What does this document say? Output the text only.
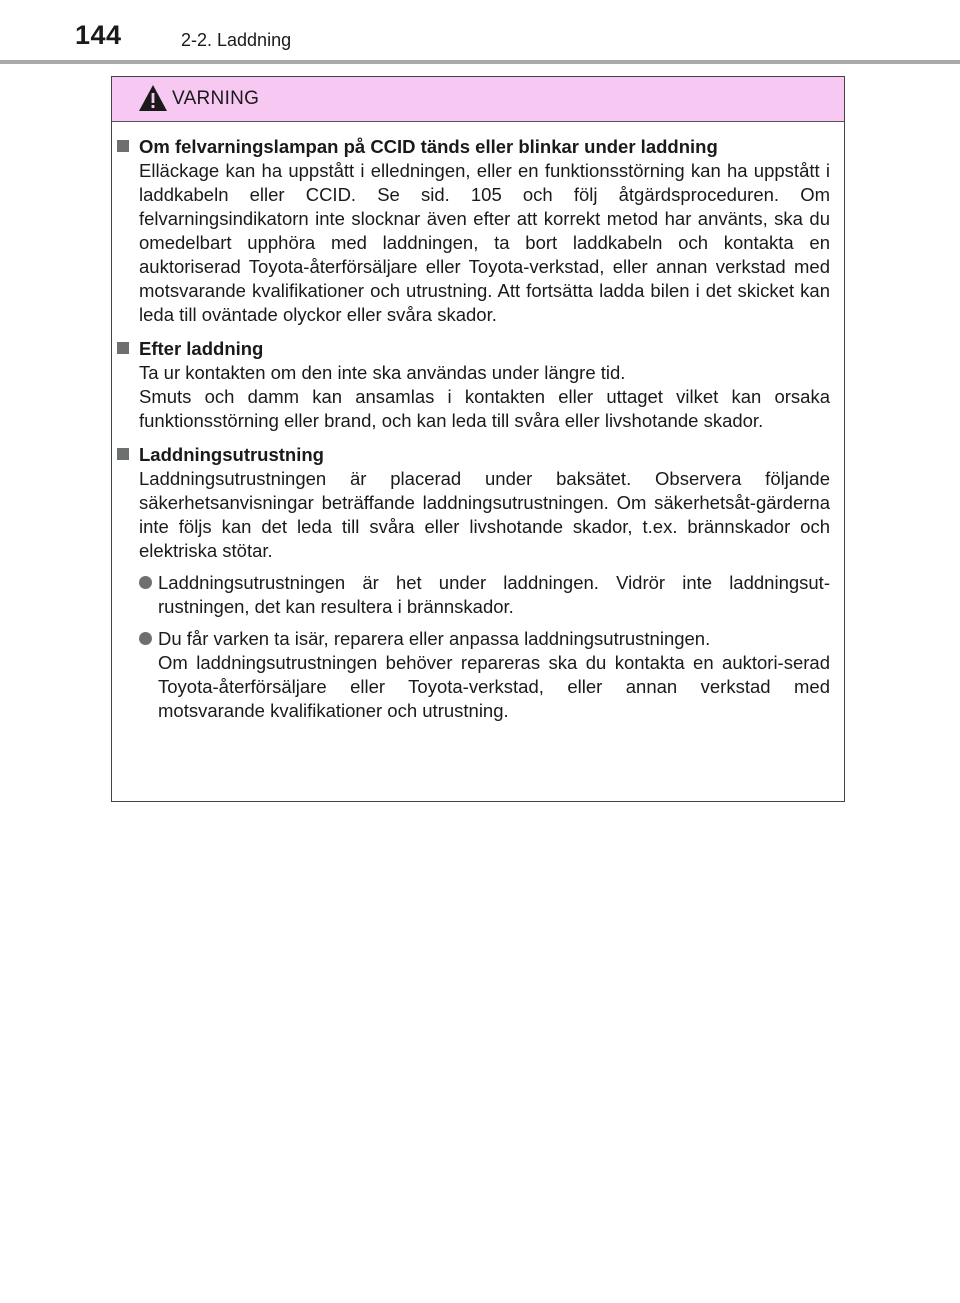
144	2-2. Laddning
VARNING
Om felvarningslampan på CCID tänds eller blinkar under laddning

Elläckage kan ha uppstått i elledningen, eller en funktionsstörning kan ha uppstått i laddkabeln eller CCID. Se sid. 105 och följ åtgärdsproceduren. Om felvarningsindikatorn inte slocknar även efter att korrekt metod har använts, ska du omedelbart upphöra med laddningen, ta bort laddkabeln och kontakta en auktoriserad Toyota-återförsäljare eller Toyota-verkstad, eller annan verkstad med motsvarande kvalifikationer och utrustning. Att fortsätta ladda bilen i det skicket kan leda till oväntade olyckor eller svåra skador.

Efter laddning

Ta ur kontakten om den inte ska användas under längre tid.

Smuts och damm kan ansamlas i kontakten eller uttaget vilket kan orsaka funktionsstörning eller brand, och kan leda till svåra eller livshotande skador.

Laddningsutrustning

Laddningsutrustningen är placerad under baksätet. Observera följande säkerhetsanvisningar beträffande laddningsutrustningen. Om säkerhetsåt-gärderna inte följs kan det leda till svåra eller livshotande skador, t.ex. brännskador och elektriska stötar.

Laddningsutrustningen är het under laddningen. Vidrör inte laddningsut-rustningen, det kan resultera i brännskador.

Du får varken ta isär, reparera eller anpassa laddningsutrustningen.

Om laddningsutrustningen behöver repareras ska du kontakta en auktori-serad Toyota-återförsäljare eller Toyota-verkstad, eller annan verkstad med motsvarande kvalifikationer och utrustning.
